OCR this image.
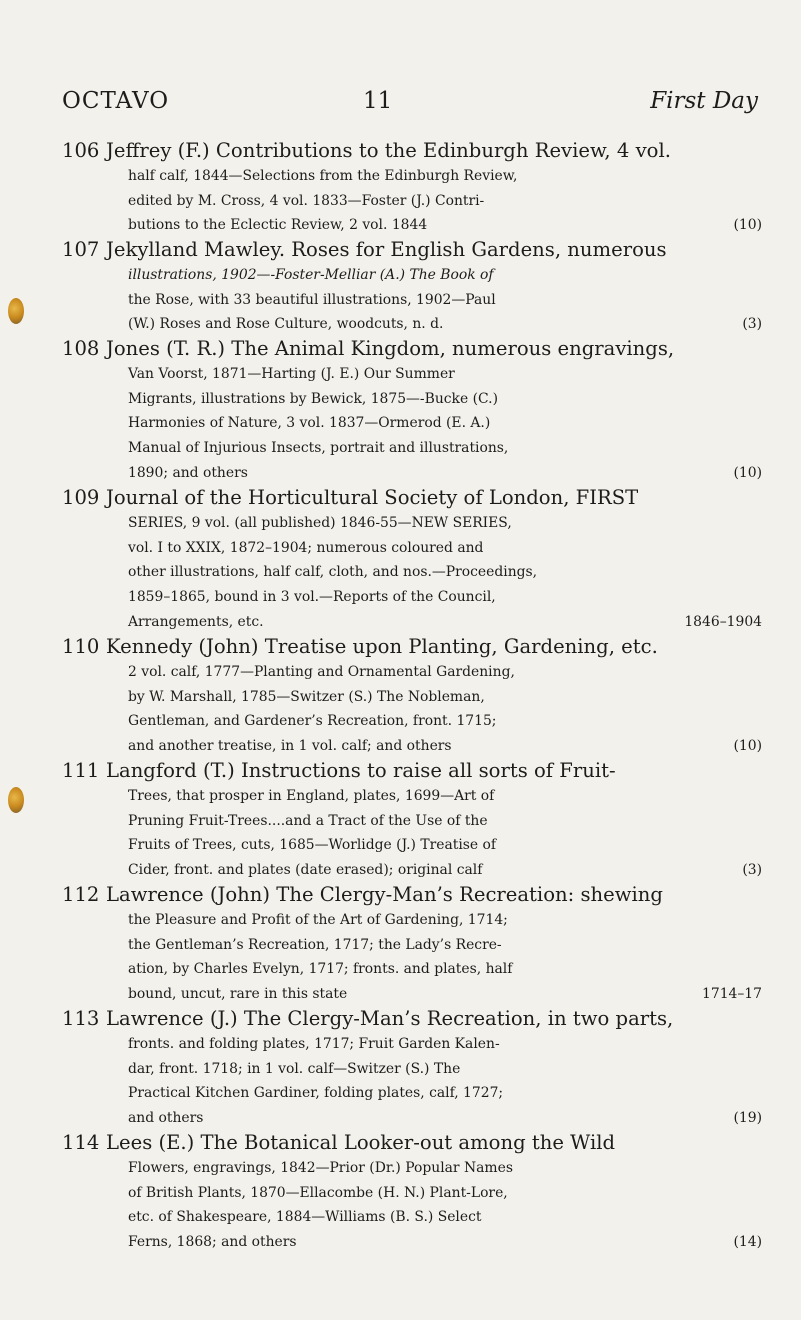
OCTAVO	11	First Day
106 Jeffrey (F.) Contributions to the Edinburgh Review, 4 vol.
half calf, 1844—Selections from the Edinburgh Review,
edited by M. Cross, 4 vol. 1833—Foster (J.) Contri-
butions to the Eclectic Review, 2 vol. 1844	(10)
107 Jekylland Mawley. Roses for English Gardens, numerous
illustrations, 1902—-Foster-Melliar (A.) The Book of
the Rose, with 33 beautiful illustrations, 1902—Paul
(W.) Roses and Rose Culture, woodcuts, n. d.	(3)
108 Jones (T. R.) The Animal Kingdom, numerous engravings,
Van Voorst, 1871—Harting (J. E.) Our Summer
Migrants, illustrations by Bewick, 1875—-Bucke (C.)
Harmonies of Nature, 3 vol. 1837—Ormerod (E. A.)
Manual of Injurious Insects, portrait and illustrations,
1890; and others	(10)
109 Journal of the Horticultural Society of London, FIRST
SERIES, 9 vol. (all published) 1846-55—NEW SERIES,
vol. I to XXIX, 1872–1904; numerous coloured and
other illustrations, half calf, cloth, and nos.—Proceedings,
1859–1865, bound in 3 vol.—Reports of the Council,
Arrangements, etc.	1846–1904
110 Kennedy (John) Treatise upon Planting, Gardening, etc.
2 vol. calf, 1777—Planting and Ornamental Gardening,
by W. Marshall, 1785—Switzer (S.) The Nobleman,
Gentleman, and Gardener’s Recreation, front. 1715;
and another treatise, in 1 vol. calf; and others	(10)
111 Langford (T.) Instructions to raise all sorts of Fruit-
Trees, that prosper in England, plates, 1699—Art of
Pruning Fruit-Trees....and a Tract of the Use of the
Fruits of Trees, cuts, 1685—Worlidge (J.) Treatise of
Cider, front. and plates (date erased); original calf	(3)
112 Lawrence (John) The Clergy-Man’s Recreation: shewing
the Pleasure and Profit of the Art of Gardening, 1714;
the Gentleman’s Recreation, 1717; the Lady’s Recre-
ation, by Charles Evelyn, 1717; fronts. and plates, half
bound, uncut, rare in this state	1714–17
113 Lawrence (J.) The Clergy-Man’s Recreation, in two parts,
fronts. and folding plates, 1717; Fruit Garden Kalen-
dar, front. 1718; in 1 vol. calf—Switzer (S.) The
Practical Kitchen Gardiner, folding plates, calf, 1727;
and others	(19)
114 Lees (E.) The Botanical Looker-out among the Wild
Flowers, engravings, 1842—Prior (Dr.) Popular Names
of British Plants, 1870—Ellacombe (H. N.) Plant-Lore,
etc. of Shakespeare, 1884—Williams (B. S.) Select
Ferns, 1868; and others	(14)
